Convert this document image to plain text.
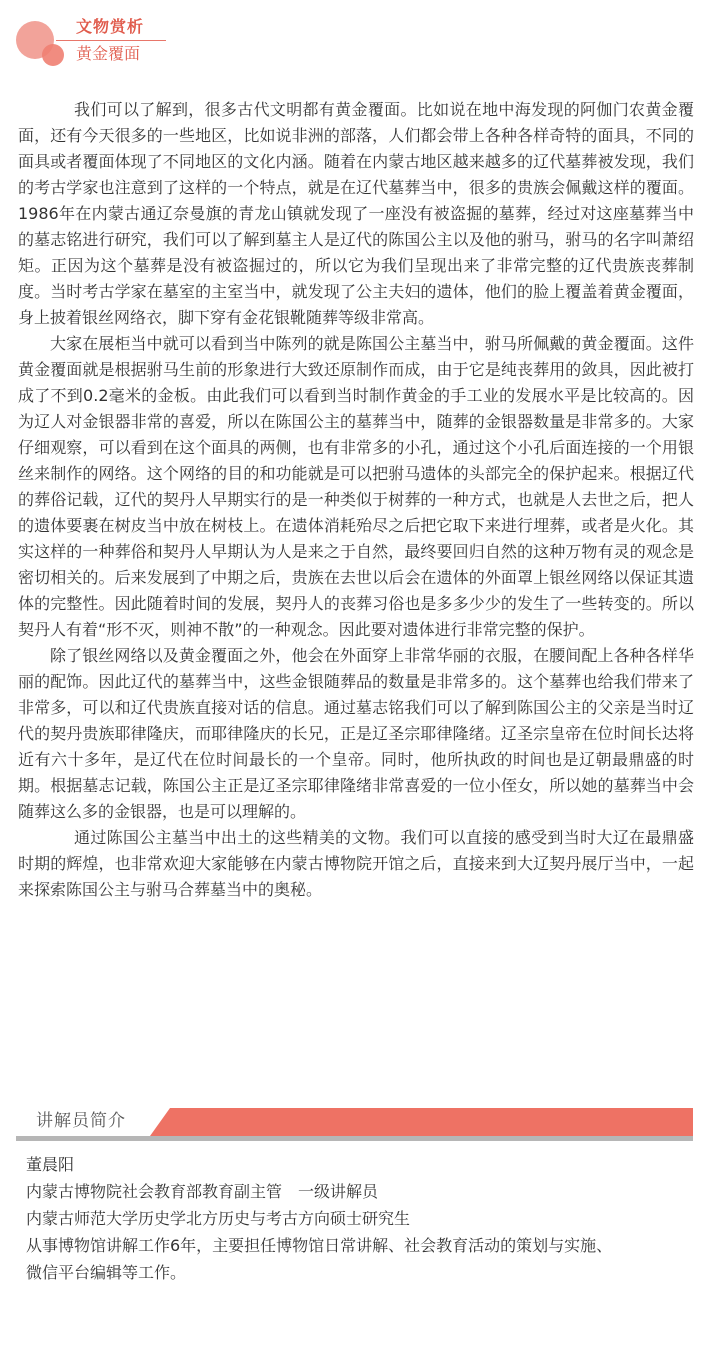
文物赏析
黄金覆面

我们可以了解到，很多古代文明都有黄金覆面。比如说在地中海发现的阿伽门农黄金覆面，还有今天很多的一些地区，比如说非洲的部落，人们都会带上各种各样奇特的面具，不同的面具或者覆面体现了不同地区的文化内涵。随着在内蒙古地区越来越多的辽代墓葬被发现，我们的考古学家也注意到了这样的一个特点，就是在辽代墓葬当中，很多的贵族会佩戴这样的覆面。1986年在内蒙古通辽奈曼旗的青龙山镇就发现了一座没有被盗掘的墓葬，经过对这座墓葬当中的墓志铭进行研究，我们可以了解到墓主人是辽代的陈国公主以及他的驸马，驸马的名字叫萧绍矩。正因为这个墓葬是没有被盗掘过的，所以它为我们呈现出来了非常完整的辽代贵族丧葬制度。当时考古学家在墓室的主室当中，就发现了公主夫妇的遗体，他们的脸上覆盖着黄金覆面，身上披着银丝网络衣，脚下穿有金花银靴随葬等级非常高。

大家在展柜当中就可以看到当中陈列的就是陈国公主墓当中，驸马所佩戴的黄金覆面。这件黄金覆面就是根据驸马生前的形象进行大致还原制作而成，由于它是纯丧葬用的敛具，因此被打成了不到0.2毫米的金板。由此我们可以看到当时制作黄金的手工业的发展水平是比较高的。因为辽人对金银器非常的喜爱，所以在陈国公主的墓葬当中，随葬的金银器数量是非常多的。大家仔细观察，可以看到在这个面具的两侧，也有非常多的小孔，通过这个小孔后面连接的一个用银丝来制作的网络。这个网络的目的和功能就是可以把驸马遗体的头部完全的保护起来。根据辽代的葬俗记载，辽代的契丹人早期实行的是一种类似于树葬的一种方式，也就是人去世之后，把人的遗体要裹在树皮当中放在树枝上。在遗体消耗殆尽之后把它取下来进行埋葬，或者是火化。其实这样的一种葬俗和契丹人早期认为人是来之于自然，最终要回归自然的这种万物有灵的观念是密切相关的。后来发展到了中期之后，贵族在去世以后会在遗体的外面罩上银丝网络以保证其遗体的完整性。因此随着时间的发展，契丹人的丧葬习俗也是多多少少的发生了一些转变的。所以契丹人有着“形不灭，则神不散”的一种观念。因此要对遗体进行非常完整的保护。

除了银丝网络以及黄金覆面之外，他会在外面穿上非常华丽的衣服，在腰间配上各种各样华丽的配饰。因此辽代的墓葬当中，这些金银随葬品的数量是非常多的。这个墓葬也给我们带来了非常多，可以和辽代贵族直接对话的信息。通过墓志铭我们可以了解到陈国公主的父亲是当时辽代的契丹贵族耶律隆庆，而耶律隆庆的长兄，正是辽圣宗耶律隆绪。辽圣宗皇帝在位时间长达将近有六十多年，是辽代在位时间最长的一个皇帝。同时，他所执政的时间也是辽朝最鼎盛的时期。根据墓志记载，陈国公主正是辽圣宗耶律隆绪非常喜爱的一位小侄女，所以她的墓葬当中会随葬这么多的金银器，也是可以理解的。

通过陈国公主墓当中出土的这些精美的文物。我们可以直接的感受到当时大辽在最鼎盛时期的辉煌，也非常欢迎大家能够在内蒙古博物院开馆之后，直接来到大辽契丹展厅当中，一起来探索陈国公主与驸马合葬墓当中的奥秘。

讲解员简介
董晨阳
内蒙古博物院社会教育部教育副主管　一级讲解员
内蒙古师范大学历史学北方历史与考古方向硕士研究生
从事博物馆讲解工作6年，主要担任博物馆日常讲解、社会教育活动的策划与实施、
微信平台编辑等工作。
